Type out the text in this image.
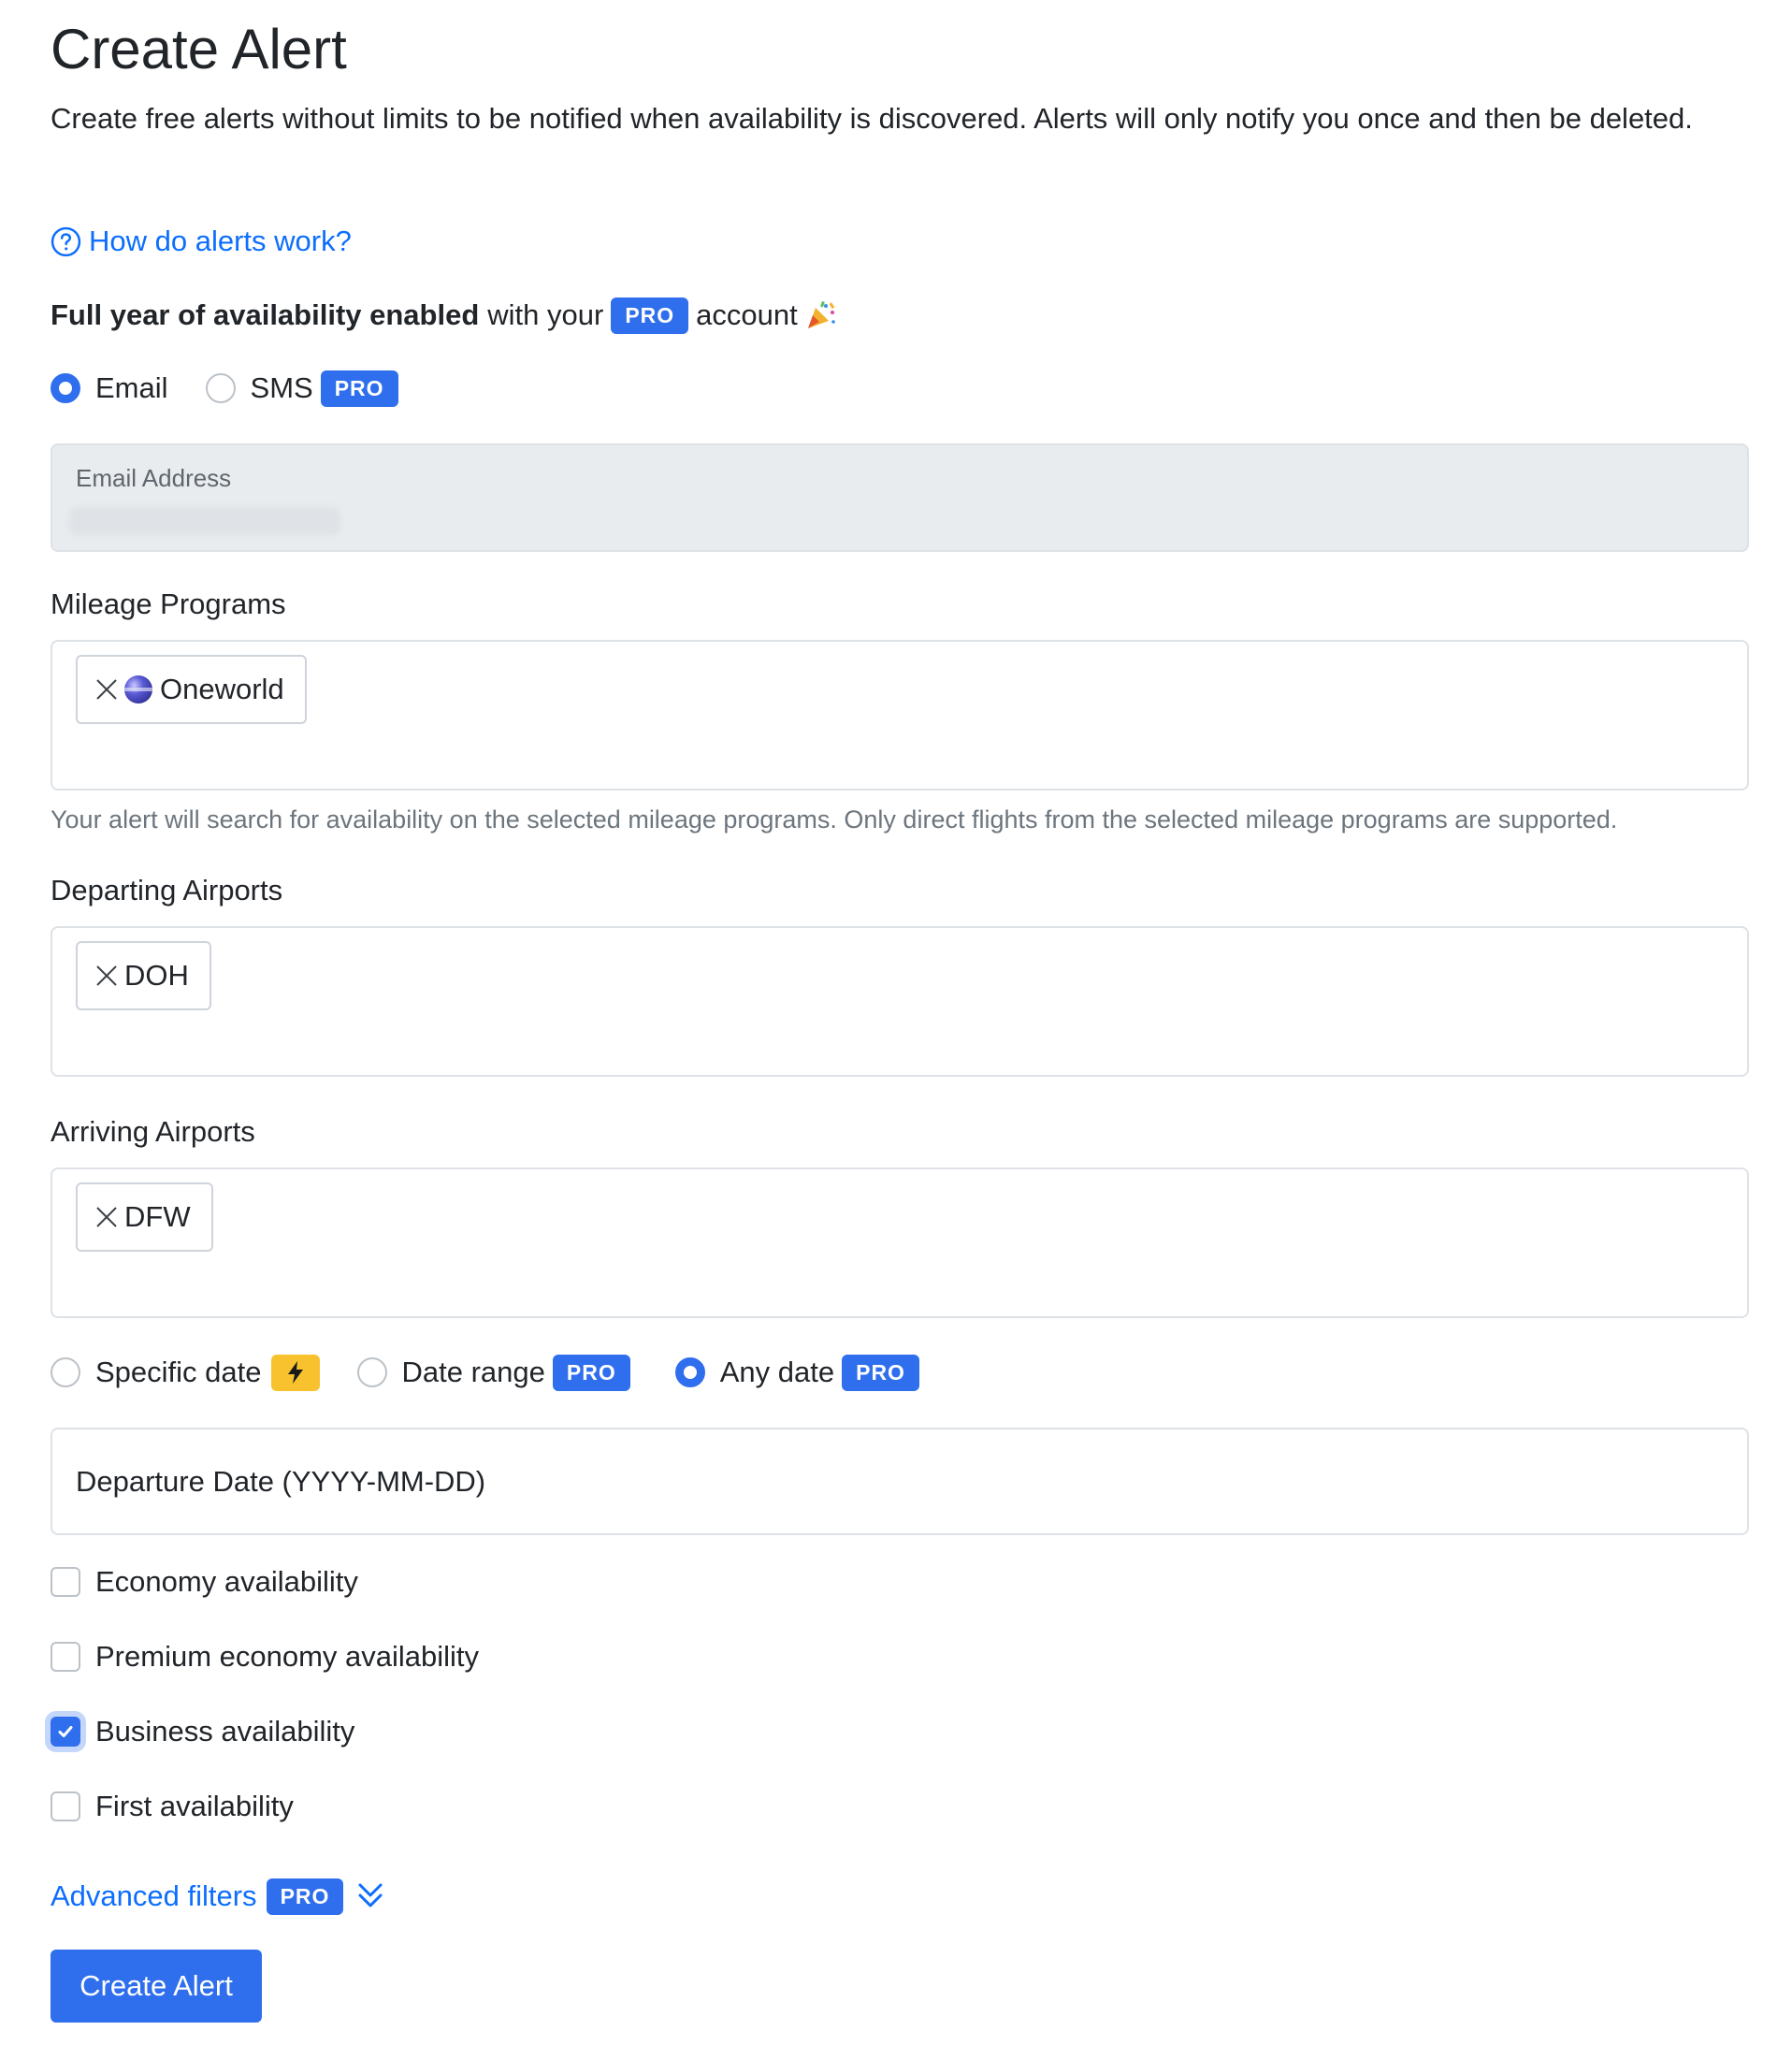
Create Alert

Create free alerts without limits to be notified when availability is discovered. Alerts will only notify you once and then be deleted.

How do alerts work?
Full year of availability enabled with your	PRO account
Email	SMS	PRO
Email Address
Mileage Programs
Oneworld
Your alert will search for availability on the selected mileage programs. Only direct flights from the selected mileage programs are supported.
Departing Airports
DOH
Arriving Airports
DFW
Specific date	Date range	PRO	Any date	PRO
Departure Date (YYYY-MM-DD)
Economy availability
Premium economy availability
Business availability
First availability
Advanced filters	PRO
Create Alert
